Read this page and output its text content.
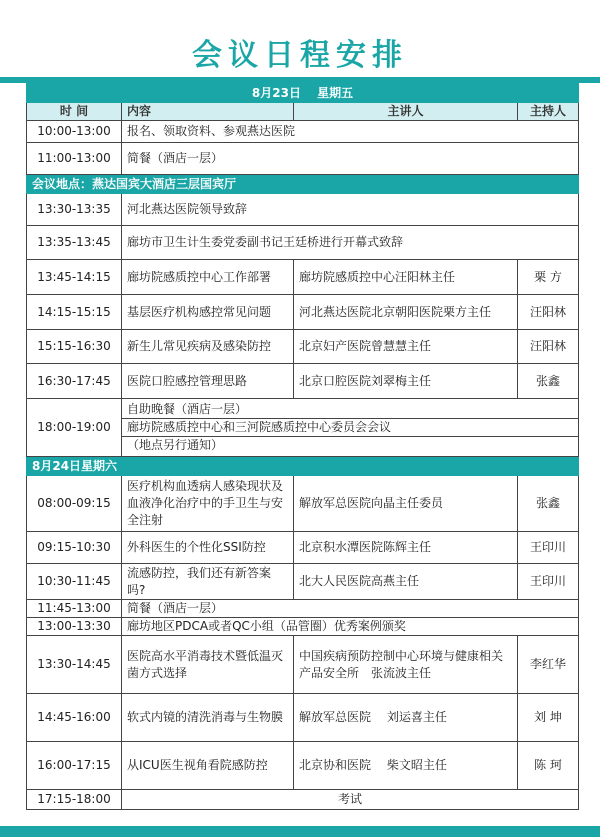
会议日程安排
8月23日　 星期五			
时 间	内容	主讲人	主持人
10:00-13:00	报名、领取资料、参观燕达医院		
11:00-13:00	简餐（酒店一层）		
会议地点：燕达国宾大酒店三层国宾厅			
13:30-13:35	河北燕达医院领导致辞		
13:35-13:45	廊坊市卫生计生委党委副书记王廷桥进行开幕式致辞		
13:45-14:15	廊坊院感质控中心工作部署	廊坊院感质控中心汪阳林主任	栗 方
14:15-15:15	基层医疗机构感控常见问题	河北燕达医院北京朝阳医院栗方主任	汪阳林
15:15-16:30	新生儿常见疾病及感染防控	北京妇产医院曾慧慧主任	汪阳林
16:30-17:45	医院口腔感控管理思路	北京口腔医院刘翠梅主任	张鑫
18:00-19:00	自助晚餐（酒店一层）
廊坊院感质控中心和三河院感质控中心委员会会议
（地点另行通知）		

8月24日星期六			
08:00-09:15	医疗机构血透病人感染现状及血液净化治疗中的手卫生与安全注射	解放军总医院向晶主任委员	张鑫
09:15-10:30	外科医生的个性化SSI防控	北京积水潭医院陈辉主任	王印川
10:30-11:45	流感防控，我们还有新答案吗?	北大人民医院高燕主任	王印川
11:45-13:00	简餐（酒店一层）		
13:00-13:30	廊坊地区PDCA或者QC小组（品管圈）优秀案例颁奖		
13:30-14:45	医院高水平消毒技术暨低温灭菌方式选择	中国疾病预防控制中心环境与健康相关产品安全所　张流波主任	李红华
14:45-16:00	软式内镜的清洗消毒与生物膜	解放军总医院　 刘运喜主任	刘 坤
16:00-17:15	从ICU医生视角看院感防控	北京协和医院　 柴文昭主任	陈 珂
17:15-18:00	考试		
